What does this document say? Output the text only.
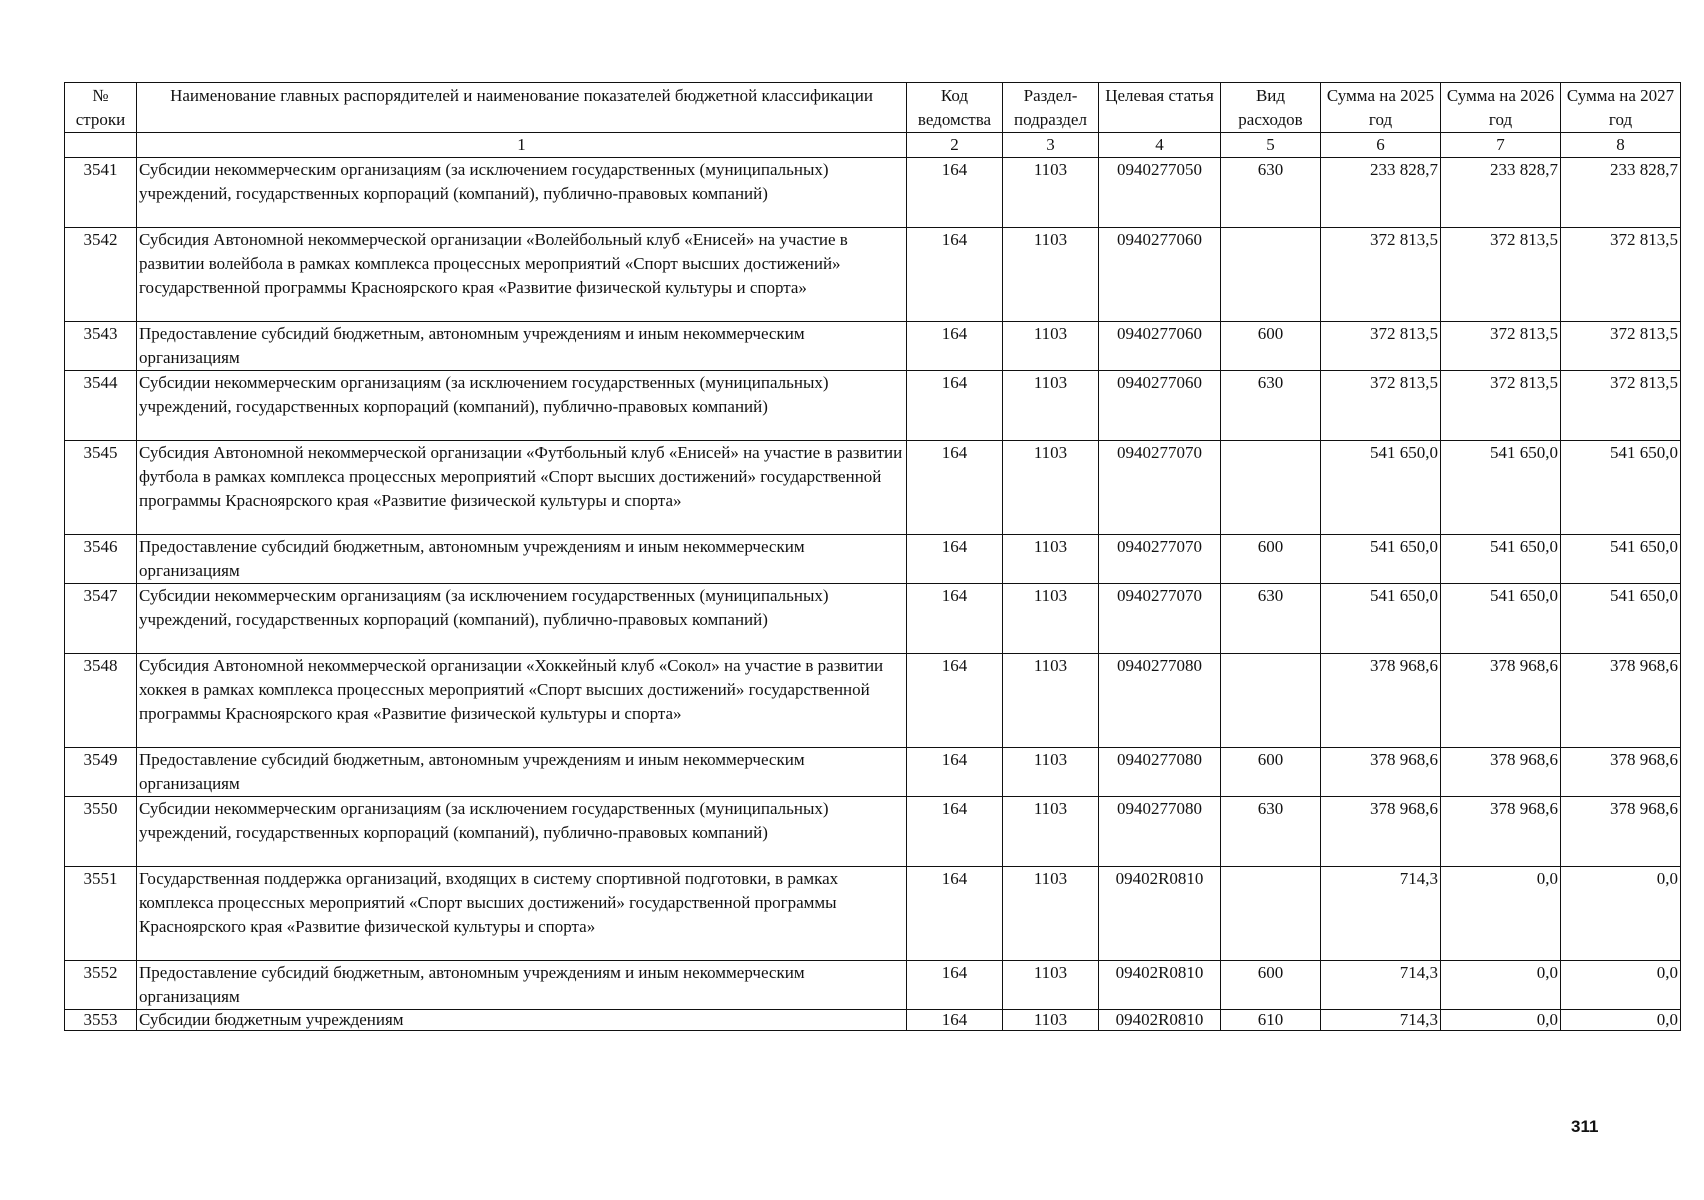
№ строки	Наименование главных распорядителей и наименование показателей бюджетной классификации	Код ведомства	Раздел-подраздел	Целевая статья	Вид расходов	Сумма на 2025 год	Сумма на 2026 год	Сумма на 2027 год
	1	2	3	4	5	6	7	8
3541	Субсидии некоммерческим организациям (за исключением государственных (муниципальных) учреждений, государственных корпораций (компаний), публично-правовых компаний)	164	1103	0940277050	630	233 828,7	233 828,7	233 828,7
3542	Субсидия Автономной некоммерческой организации «Волейбольный клуб «Енисей» на участие в развитии волейбола в рамках комплекса процессных мероприятий «Спорт высших достижений» государственной программы Красноярского края «Развитие физической культуры и спорта»	164	1103	0940277060		372 813,5	372 813,5	372 813,5
3543	Предоставление субсидий бюджетным, автономным учреждениям и иным некоммерческим организациям	164	1103	0940277060	600	372 813,5	372 813,5	372 813,5
3544	Субсидии некоммерческим организациям (за исключением государственных (муниципальных) учреждений, государственных корпораций (компаний), публично-правовых компаний)	164	1103	0940277060	630	372 813,5	372 813,5	372 813,5
3545	Субсидия Автономной некоммерческой организации «Футбольный клуб «Енисей» на участие в развитии футбола в рамках комплекса процессных мероприятий «Спорт высших достижений» государственной программы Красноярского края «Развитие физической культуры и спорта»	164	1103	0940277070		541 650,0	541 650,0	541 650,0
3546	Предоставление субсидий бюджетным, автономным учреждениям и иным некоммерческим организациям	164	1103	0940277070	600	541 650,0	541 650,0	541 650,0
3547	Субсидии некоммерческим организациям (за исключением государственных (муниципальных) учреждений, государственных корпораций (компаний), публично-правовых компаний)	164	1103	0940277070	630	541 650,0	541 650,0	541 650,0
3548	Субсидия Автономной некоммерческой организации «Хоккейный клуб «Сокол» на участие в развитии хоккея в рамках комплекса процессных мероприятий «Спорт высших достижений» государственной программы Красноярского края «Развитие физической культуры и спорта»	164	1103	0940277080		378 968,6	378 968,6	378 968,6
3549	Предоставление субсидий бюджетным, автономным учреждениям и иным некоммерческим организациям	164	1103	0940277080	600	378 968,6	378 968,6	378 968,6
3550	Субсидии некоммерческим организациям (за исключением государственных (муниципальных) учреждений, государственных корпораций (компаний), публично-правовых компаний)	164	1103	0940277080	630	378 968,6	378 968,6	378 968,6
3551	Государственная поддержка организаций, входящих в систему спортивной подготовки, в рамках комплекса процессных мероприятий «Спорт высших достижений» государственной программы Красноярского края «Развитие физической культуры и спорта»	164	1103	09402R0810		714,3	0,0	0,0
3552	Предоставление субсидий бюджетным, автономным учреждениям и иным некоммерческим организациям	164	1103	09402R0810	600	714,3	0,0	0,0
3553	Субсидии бюджетным учреждениям	164	1103	09402R0810	610	714,3	0,0	0,0
311
